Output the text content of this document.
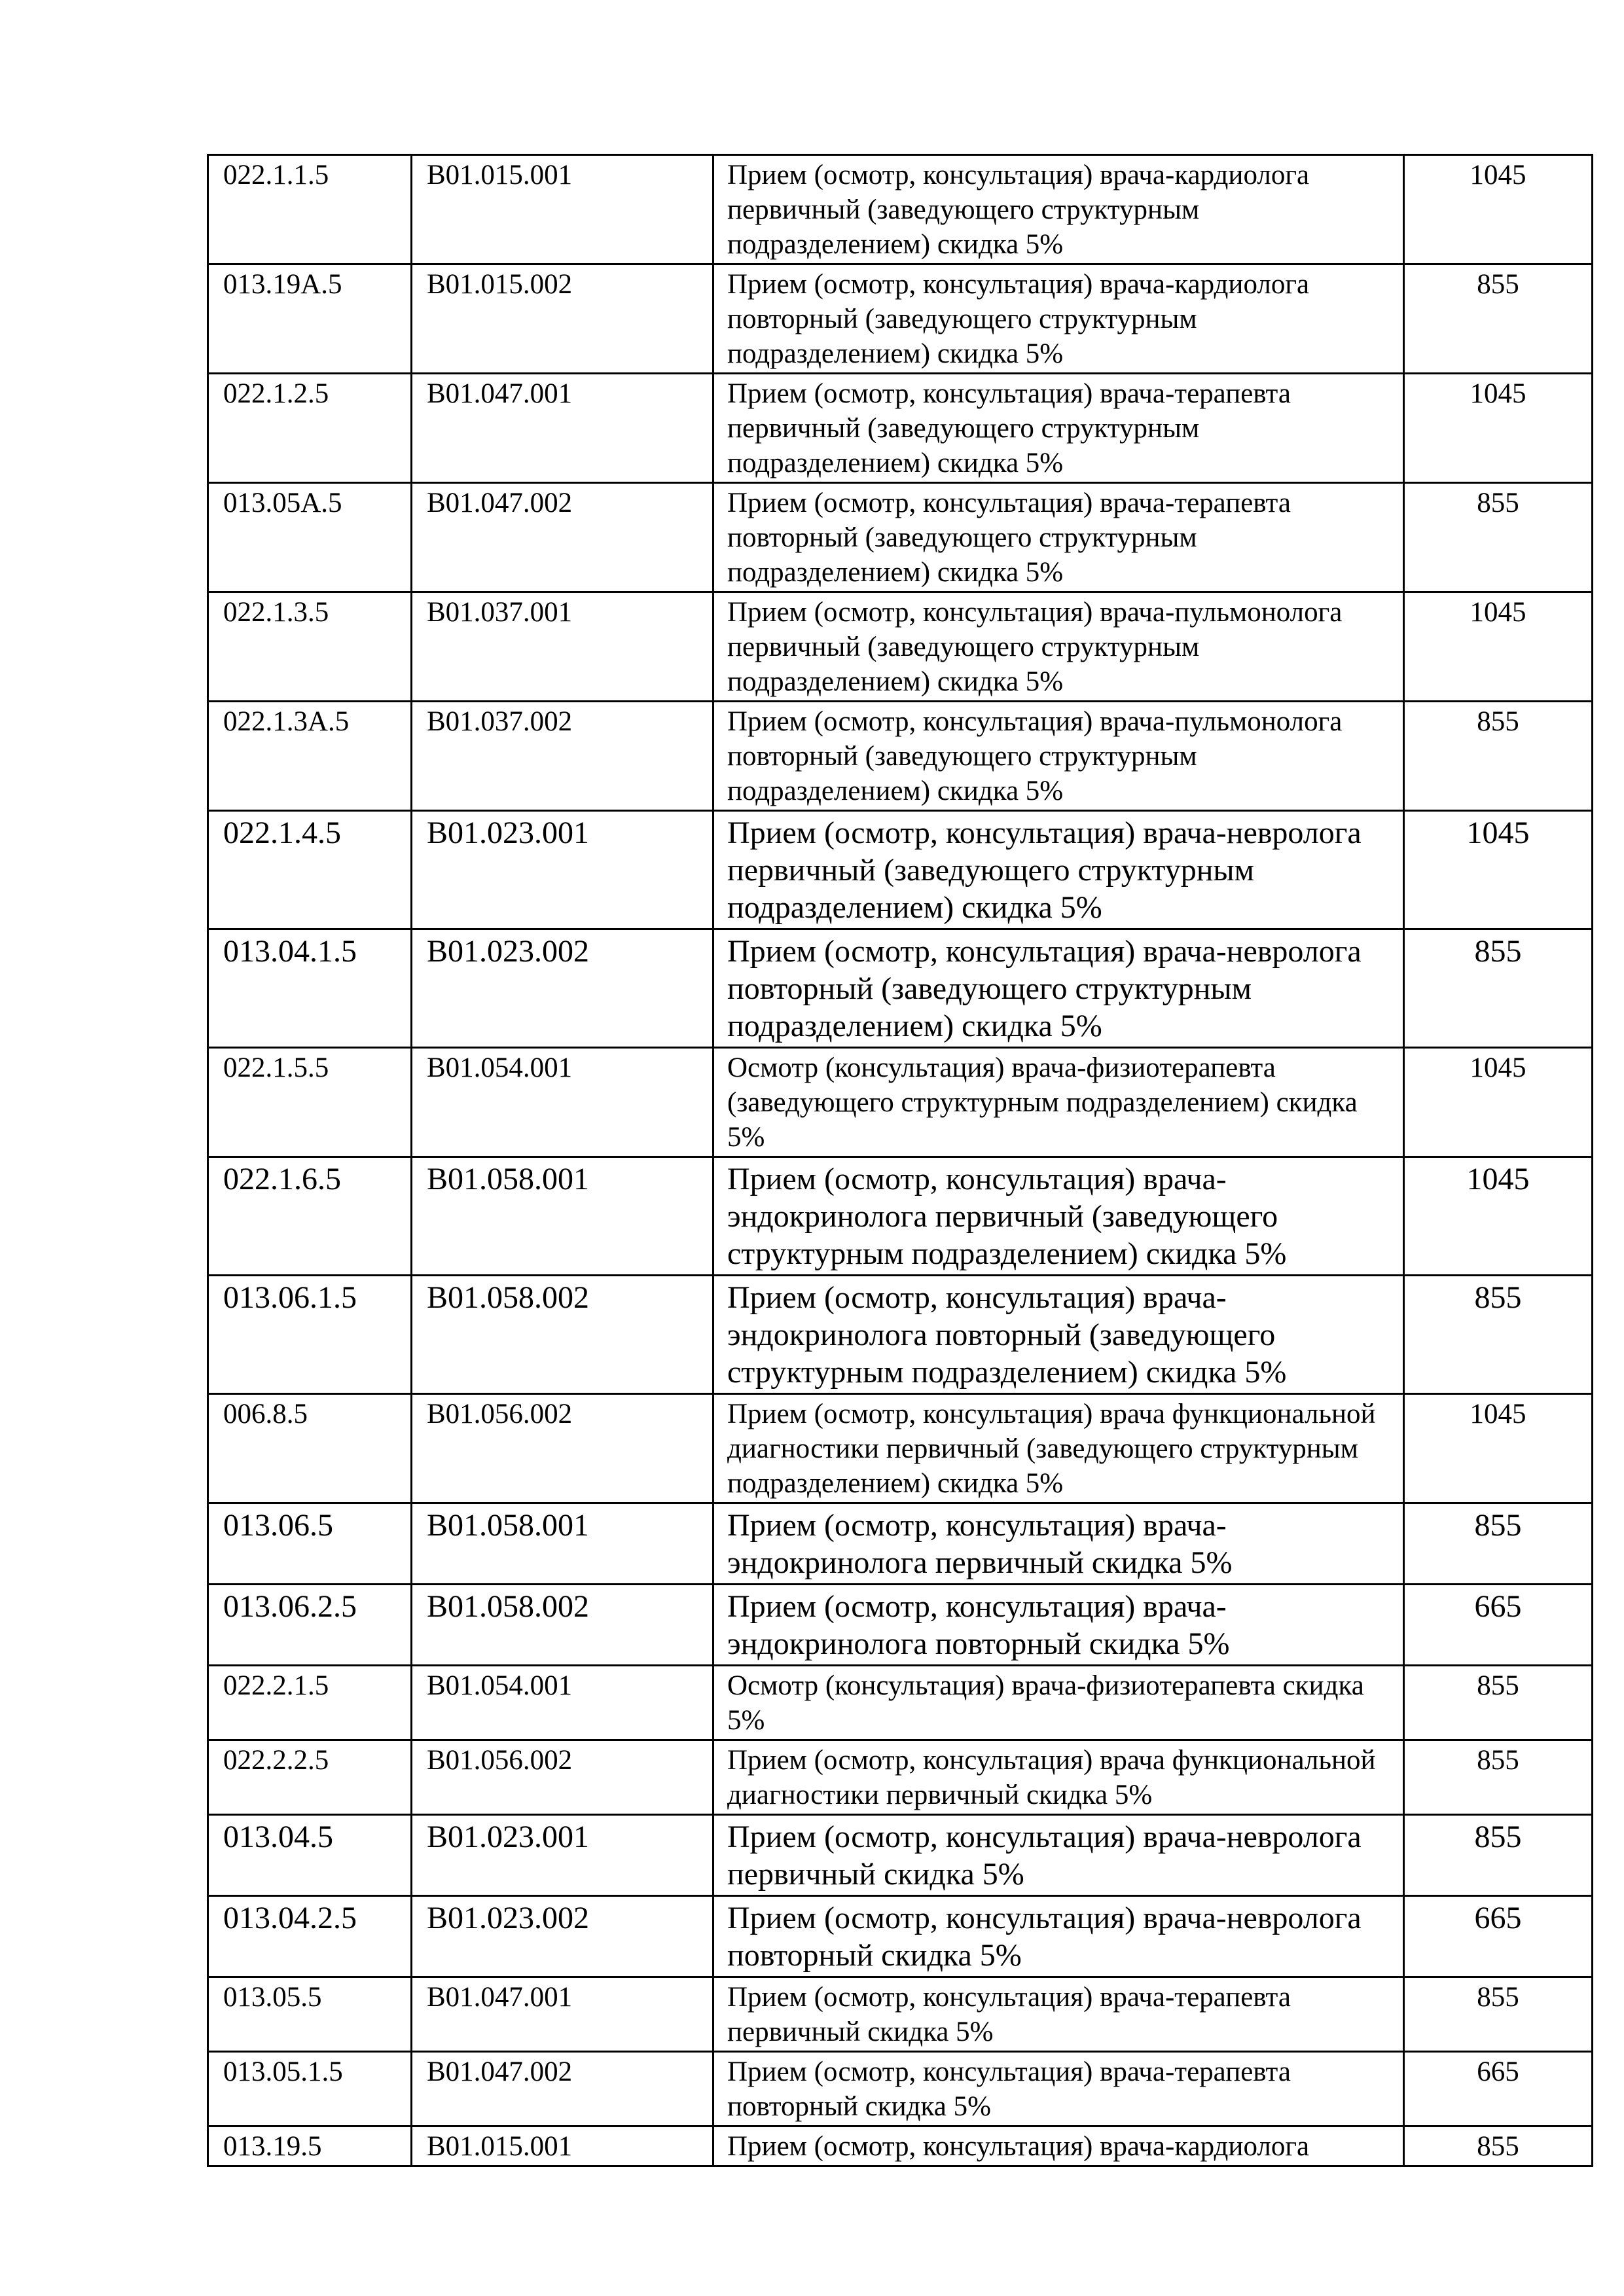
022.1.1.5	B01.015.001	Прием (осмотр, консультация) врача-кардиолога первичный (заведующего структурным подразделением) скидка 5%	1045
013.19A.5	B01.015.002	Прием (осмотр, консультация) врача-кардиолога повторный (заведующего структурным подразделением) скидка 5%	855
022.1.2.5	B01.047.001	Прием (осмотр, консультация) врача-терапевта первичный (заведующего структурным подразделением) скидка 5%	1045
013.05A.5	B01.047.002	Прием (осмотр, консультация) врача-терапевта повторный (заведующего структурным подразделением) скидка 5%	855
022.1.3.5	B01.037.001	Прием (осмотр, консультация) врача-пульмонолога первичный (заведующего структурным подразделением) скидка 5%	1045
022.1.3A.5	B01.037.002	Прием (осмотр, консультация) врача-пульмонолога повторный (заведующего структурным подразделением) скидка 5%	855
022.1.4.5	B01.023.001	Прием (осмотр, консультация) врача-невролога первичный (заведующего структурным подразделением) скидка 5%	1045
013.04.1.5	B01.023.002	Прием (осмотр, консультация) врача-невролога повторный (заведующего структурным подразделением) скидка 5%	855
022.1.5.5	B01.054.001	Осмотр (консультация) врача-физиотерапевта (заведующего структурным подразделением) скидка 5%	1045
022.1.6.5	B01.058.001	Прием (осмотр, консультация) врача-эндокринолога первичный (заведующего структурным подразделением) скидка 5%	1045
013.06.1.5	B01.058.002	Прием (осмотр, консультация) врача-эндокринолога повторный (заведующего структурным подразделением) скидка 5%	855
006.8.5	B01.056.002	Прием (осмотр, консультация) врача функциональной диагностики первичный (заведующего структурным подразделением) скидка 5%	1045
013.06.5	B01.058.001	Прием (осмотр, консультация) врача-эндокринолога первичный скидка 5%	855
013.06.2.5	B01.058.002	Прием (осмотр, консультация) врача-эндокринолога повторный скидка 5%	665
022.2.1.5	B01.054.001	Осмотр (консультация) врача-физиотерапевта скидка 5%	855
022.2.2.5	B01.056.002	Прием (осмотр, консультация) врача функциональной диагностики первичный скидка 5%	855
013.04.5	B01.023.001	Прием (осмотр, консультация) врача-невролога первичный скидка 5%	855
013.04.2.5	B01.023.002	Прием (осмотр, консультация) врача-невролога повторный скидка 5%	665
013.05.5	B01.047.001	Прием (осмотр, консультация) врача-терапевта первичный скидка 5%	855
013.05.1.5	B01.047.002	Прием (осмотр, консультация) врача-терапевта повторный скидка 5%	665
013.19.5	B01.015.001	Прием (осмотр, консультация) врача-кардиолога	855
